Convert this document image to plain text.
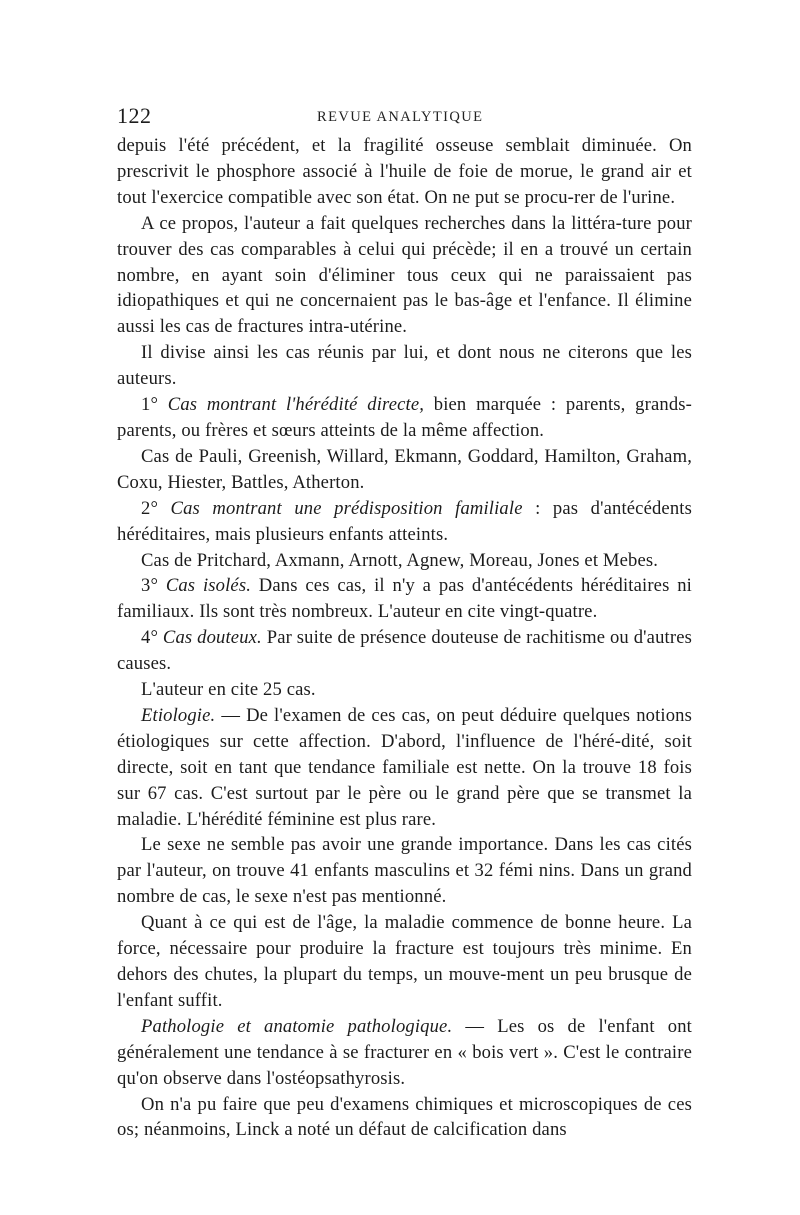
122	REVUE ANALYTIQUE

depuis l'été précédent, et la fragilité osseuse semblait diminuée. On prescrivit le phosphore associé à l'huile de foie de morue, le grand air et tout l'exercice compatible avec son état. On ne put se procu-rer de l'urine.

A ce propos, l'auteur a fait quelques recherches dans la littéra-ture pour trouver des cas comparables à celui qui précède; il en a trouvé un certain nombre, en ayant soin d'éliminer tous ceux qui ne paraissaient pas idiopathiques et qui ne concernaient pas le bas-âge et l'enfance. Il élimine aussi les cas de fractures intra-utérine.

Il divise ainsi les cas réunis par lui, et dont nous ne citerons que les auteurs.

1° Cas montrant l'hérédité directe, bien marquée : parents, grands-parents, ou frères et sœurs atteints de la même affection.

Cas de Pauli, Greenish, Willard, Ekmann, Goddard, Hamilton, Graham, Coxu, Hiester, Battles, Atherton.

2° Cas montrant une prédisposition familiale : pas d'antécédents héréditaires, mais plusieurs enfants atteints.

Cas de Pritchard, Axmann, Arnott, Agnew, Moreau, Jones et Mebes.

3° Cas isolés. Dans ces cas, il n'y a pas d'antécédents héréditaires ni familiaux. Ils sont très nombreux. L'auteur en cite vingt-quatre.

4° Cas douteux. Par suite de présence douteuse de rachitisme ou d'autres causes.

L'auteur en cite 25 cas.

Etiologie. — De l'examen de ces cas, on peut déduire quelques notions étiologiques sur cette affection. D'abord, l'influence de l'héré-dité, soit directe, soit en tant que tendance familiale est nette. On la trouve 18 fois sur 67 cas. C'est surtout par le père ou le grand père que se transmet la maladie. L'hérédité féminine est plus rare.

Le sexe ne semble pas avoir une grande importance. Dans les cas cités par l'auteur, on trouve 41 enfants masculins et 32 fémi nins. Dans un grand nombre de cas, le sexe n'est pas mentionné.

Quant à ce qui est de l'âge, la maladie commence de bonne heure. La force, nécessaire pour produire la fracture est toujours très minime. En dehors des chutes, la plupart du temps, un mouve-ment un peu brusque de l'enfant suffit.

Pathologie et anatomie pathologique. — Les os de l'enfant ont généralement une tendance à se fracturer en « bois vert ». C'est le contraire qu'on observe dans l'ostéopsathyrosis.

On n'a pu faire que peu d'examens chimiques et microscopiques de ces os; néanmoins, Linck a noté un défaut de calcification dans
